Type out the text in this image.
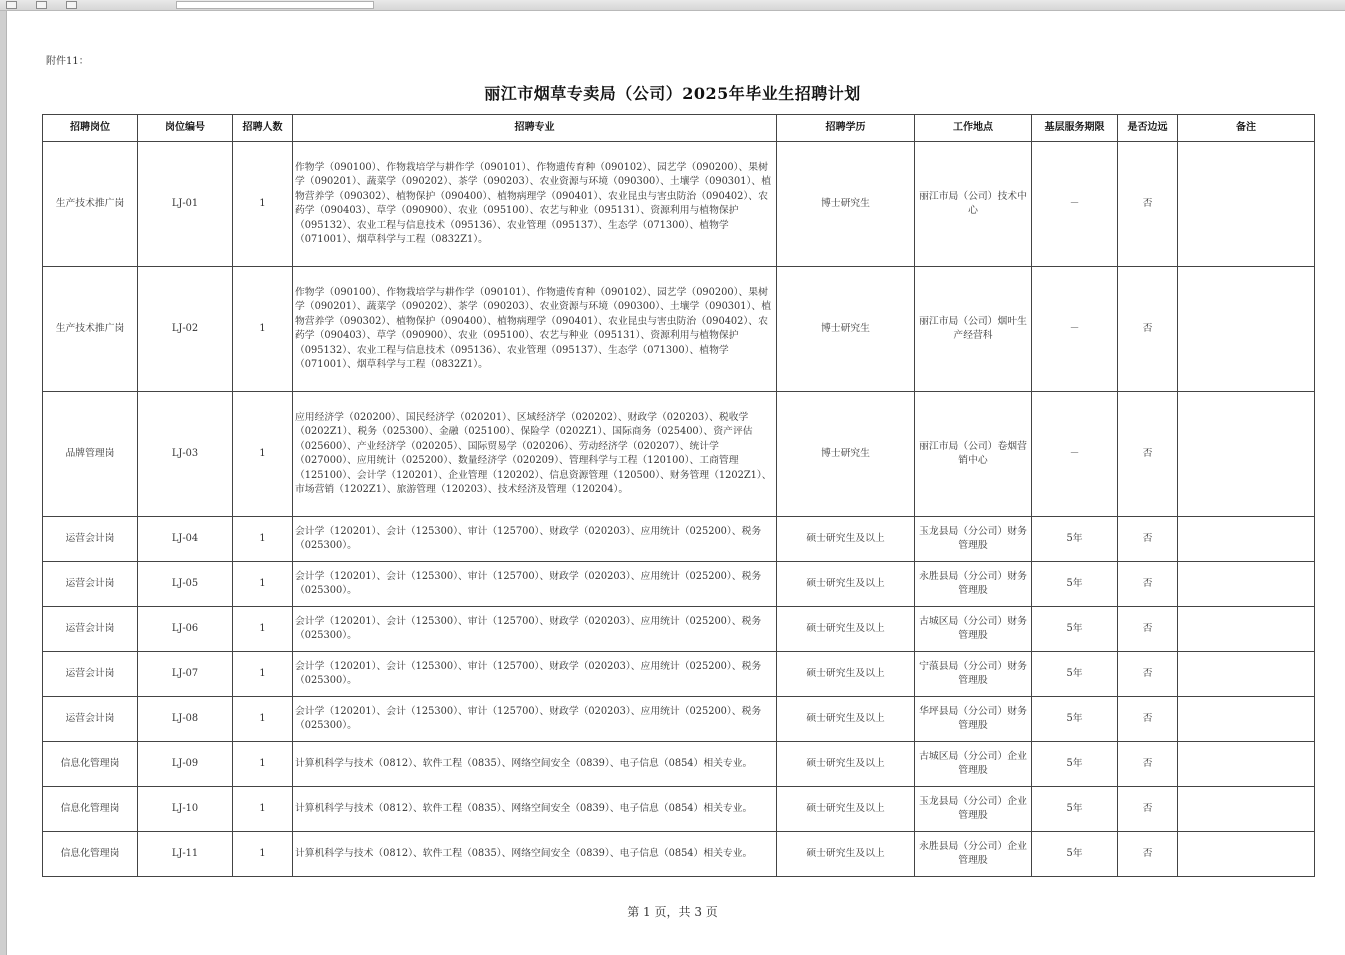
附件11：
丽江市烟草专卖局（公司）2025年毕业生招聘计划
招聘岗位	岗位编号	招聘人数	招聘专业	招聘学历	工作地点	基层服务期限	是否边远	备注
生产技术推广岗	LJ-01	1	作物学（090100）、作物栽培学与耕作学（090101）、作物遗传育种（090102）、园艺学（090200）、果树学（090201）、蔬菜学（090202）、茶学（090203）、农业资源与环境（090300）、土壤学（090301）、植物营养学（090302）、植物保护（090400）、植物病理学（090401）、农业昆虫与害虫防治（090402）、农药学（090403）、草学（090900）、农业（095100）、农艺与种业（095131）、资源利用与植物保护（095132）、农业工程与信息技术（095136）、农业管理（095137）、生态学（071300）、植物学（071001）、烟草科学与工程（0832Z1）。	博士研究生	丽江市局（公司）技术中心	－	否	
生产技术推广岗	LJ-02	1	作物学（090100）、作物栽培学与耕作学（090101）、作物遗传育种（090102）、园艺学（090200）、果树学（090201）、蔬菜学（090202）、茶学（090203）、农业资源与环境（090300）、土壤学（090301）、植物营养学（090302）、植物保护（090400）、植物病理学（090401）、农业昆虫与害虫防治（090402）、农药学（090403）、草学（090900）、农业（095100）、农艺与种业（095131）、资源利用与植物保护（095132）、农业工程与信息技术（095136）、农业管理（095137）、生态学（071300）、植物学（071001）、烟草科学与工程（0832Z1）。	博士研究生	丽江市局（公司）烟叶生产经营科	－	否	
品牌管理岗	LJ-03	1	应用经济学（020200）、国民经济学（020201）、区域经济学（020202）、财政学（020203）、税收学（0202Z1）、税务（025300）、金融（025100）、保险学（0202Z1）、国际商务（025400）、资产评估（025600）、产业经济学（020205）、国际贸易学（020206）、劳动经济学（020207）、统计学（027000）、应用统计（025200）、数量经济学（020209）、管理科学与工程（120100）、工商管理（125100）、会计学（120201）、企业管理（120202）、信息资源管理（120500）、财务管理（1202Z1）、市场营销（1202Z1）、旅游管理（120203）、技术经济及管理（120204）。	博士研究生	丽江市局（公司）卷烟营销中心	－	否	
运营会计岗	LJ-04	1	会计学（120201）、会计（125300）、审计（125700）、财政学（020203）、应用统计（025200）、税务（025300）。	硕士研究生及以上	玉龙县局（分公司）财务管理股	5年	否	
运营会计岗	LJ-05	1	会计学（120201）、会计（125300）、审计（125700）、财政学（020203）、应用统计（025200）、税务（025300）。	硕士研究生及以上	永胜县局（分公司）财务管理股	5年	否	
运营会计岗	LJ-06	1	会计学（120201）、会计（125300）、审计（125700）、财政学（020203）、应用统计（025200）、税务（025300）。	硕士研究生及以上	古城区局（分公司）财务管理股	5年	否	
运营会计岗	LJ-07	1	会计学（120201）、会计（125300）、审计（125700）、财政学（020203）、应用统计（025200）、税务（025300）。	硕士研究生及以上	宁蒗县局（分公司）财务管理股	5年	否	
运营会计岗	LJ-08	1	会计学（120201）、会计（125300）、审计（125700）、财政学（020203）、应用统计（025200）、税务（025300）。	硕士研究生及以上	华坪县局（分公司）财务管理股	5年	否	
信息化管理岗	LJ-09	1	计算机科学与技术（0812）、软件工程（0835）、网络空间安全（0839）、电子信息（0854）相关专业。	硕士研究生及以上	古城区局（分公司）企业管理股	5年	否	
信息化管理岗	LJ-10	1	计算机科学与技术（0812）、软件工程（0835）、网络空间安全（0839）、电子信息（0854）相关专业。	硕士研究生及以上	玉龙县局（分公司）企业管理股	5年	否	
信息化管理岗	LJ-11	1	计算机科学与技术（0812）、软件工程（0835）、网络空间安全（0839）、电子信息（0854）相关专业。	硕士研究生及以上	永胜县局（分公司）企业管理股	5年	否	
第 1 页，共 3 页
